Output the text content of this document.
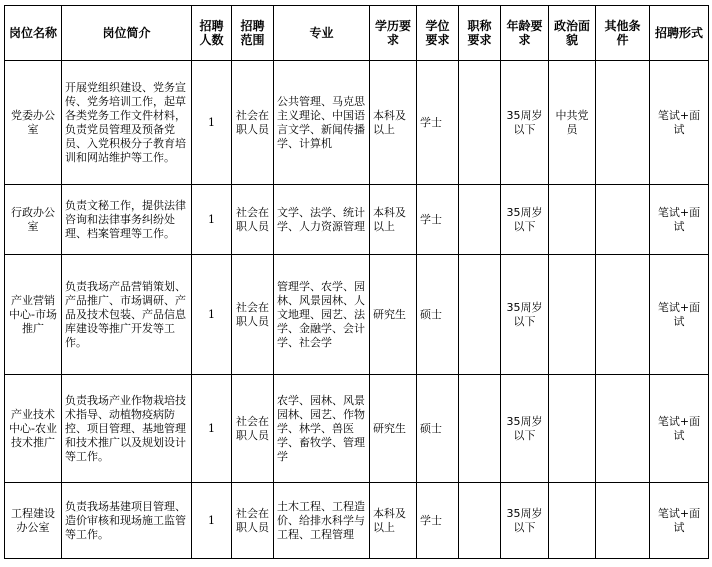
岗位名称	岗位简介	招聘人数	招聘范围	专业	学历要求	学位要求	职称要求	年龄要求	政治面貌	其他条件	招聘形式
党委办公室	开展党组织建设、党务宣传、党务培训工作，起草各类党务工作文件材料，负责党员管理及预备党员、入党积极分子教育培训和网站维护等工作。	1	社会在职人员	公共管理、马克思主义理论、中国语言文学、新闻传播学、计算机	本科及以上	学士		35周岁以下	中共党员		笔试+面试
行政办公室	负责文秘工作，提供法律咨询和法律事务纠纷处理、档案管理等工作。	1	社会在职人员	文学、法学、统计学、人力资源管理	本科及以上	学士		35周岁以下			笔试+面试
产业营销中心-市场推广	负责我场产品营销策划、产品推广、市场调研、产品及技术包装、产品信息库建设等推广开发等工作。	1	社会在职人员	管理学、农学、园林、风景园林、人文地理、园艺、法学、金融学、会计学、社会学	研究生	硕士		35周岁以下			笔试+面试
产业技术中心-农业技术推广	负责我场产业作物栽培技术指导、动植物疫病防控、项目管理、基地管理和技术推广以及规划设计等工作。	1	社会在职人员	农学、园林、风景园林、园艺、作物学、林学、兽医学、畜牧学、管理学	研究生	硕士		35周岁以下			笔试+面试
工程建设办公室	负责我场基建项目管理、造价审核和现场施工监管等工作。	1	社会在职人员	土木工程、工程造价、给排水科学与工程、工程管理	本科及以上	学士		35周岁以下			笔试+面试
